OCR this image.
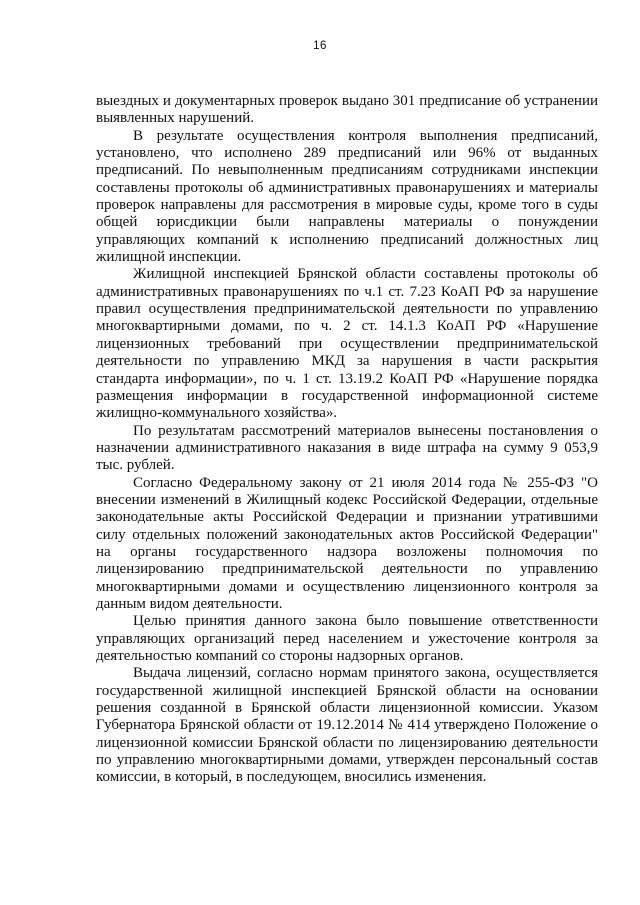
16

выездных и документарных проверок выдано 301 предписание об устранении выявленных нарушений.

В результате осуществления контроля выполнения предписаний, установлено, что исполнено 289 предписаний или 96% от выданных предписаний. По невыполненным предписаниям сотрудниками инспекции составлены протоколы об административных правонарушениях и материалы проверок направлены для рассмотрения в мировые суды, кроме того в суды общей юрисдикции были направлены материалы о понуждении управляющих компаний к исполнению предписаний должностных лиц жилищной инспекции.

Жилищной инспекцией Брянской области составлены протоколы об административных правонарушениях по ч.1 ст. 7.23 КоАП РФ за нарушение правил осуществления предпринимательской деятельности по управлению многоквартирными домами, по ч. 2 ст. 14.1.3 КоАП РФ «Нарушение лицензионных требований при осуществлении предпринимательской деятельности по управлению МКД за нарушения в части раскрытия стандарта информации», по ч. 1 ст. 13.19.2 КоАП РФ «Нарушение порядка размещения информации в государственной информационной системе жилищно-коммунального хозяйства».

По результатам рассмотрений материалов вынесены постановления о назначении административного наказания в виде штрафа на сумму 9 053,9 тыс. рублей.

Согласно Федеральному закону от 21 июля 2014 года № 255-ФЗ "О внесении изменений в Жилищный кодекс Российской Федерации, отдельные законодательные акты Российской Федерации и признании утратившими силу отдельных положений законодательных актов Российской Федерации" на органы государственного надзора возложены полномочия по лицензированию предпринимательской деятельности по управлению многоквартирными домами и осуществлению лицензионного контроля за данным видом деятельности.

Целью принятия данного закона было повышение ответственности управляющих организаций перед населением и ужесточение контроля за деятельностью компаний со стороны надзорных органов.

Выдача лицензий, согласно нормам принятого закона, осуществляется государственной жилищной инспекцией Брянской области на основании решения созданной в Брянской области лицензионной комиссии. Указом Губернатора Брянской области от 19.12.2014 № 414 утверждено Положение о лицензионной комиссии Брянской области по лицензированию деятельности по управлению многоквартирными домами, утвержден персональный состав комиссии, в который, в последующем, вносились изменения.
